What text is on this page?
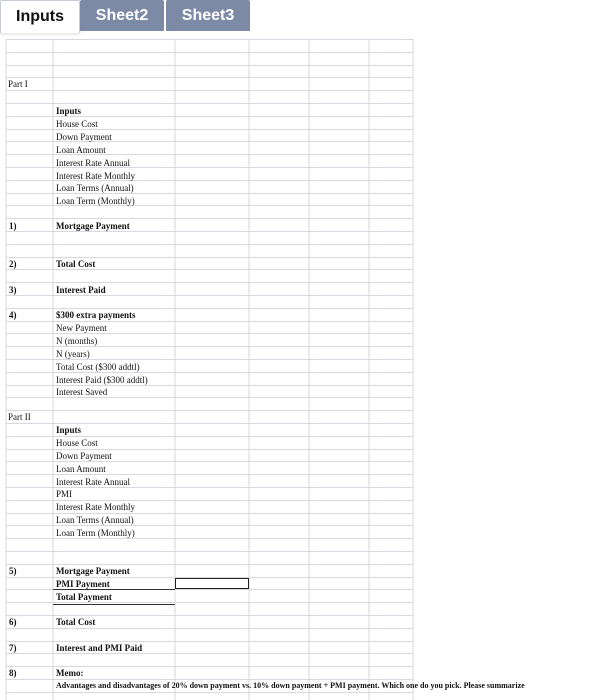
Inputs	Sheet2	Sheet3
Part I
Inputs
House Cost
Down Payment
Loan Amount
Interest Rate Annual
Interest Rate Monthly
Loan Terms (Annual)
Loan Term (Monthly)
1)	Mortgage Payment
2)	Total Cost
3)	Interest Paid
4)	$300 extra payments
New Payment
N (months)
N (years)
Total Cost ($300 addtl)
Interest Paid ($300 addtl)
Interest Saved
Part II
Inputs
House Cost
Down Payment
Loan Amount
Interest Rate Annual
PMI
Interest Rate Monthly
Loan Terms (Annual)
Loan Term (Monthly)
5)	Mortgage Payment
PMI Payment
Total Payment
6)	Total Cost
7)	Interest and PMI Paid
8)	Memo:
Advantages and disadvantages of 20% down payment vs. 10% down payment + PMI payment. Which one do you pick. Please summarize
